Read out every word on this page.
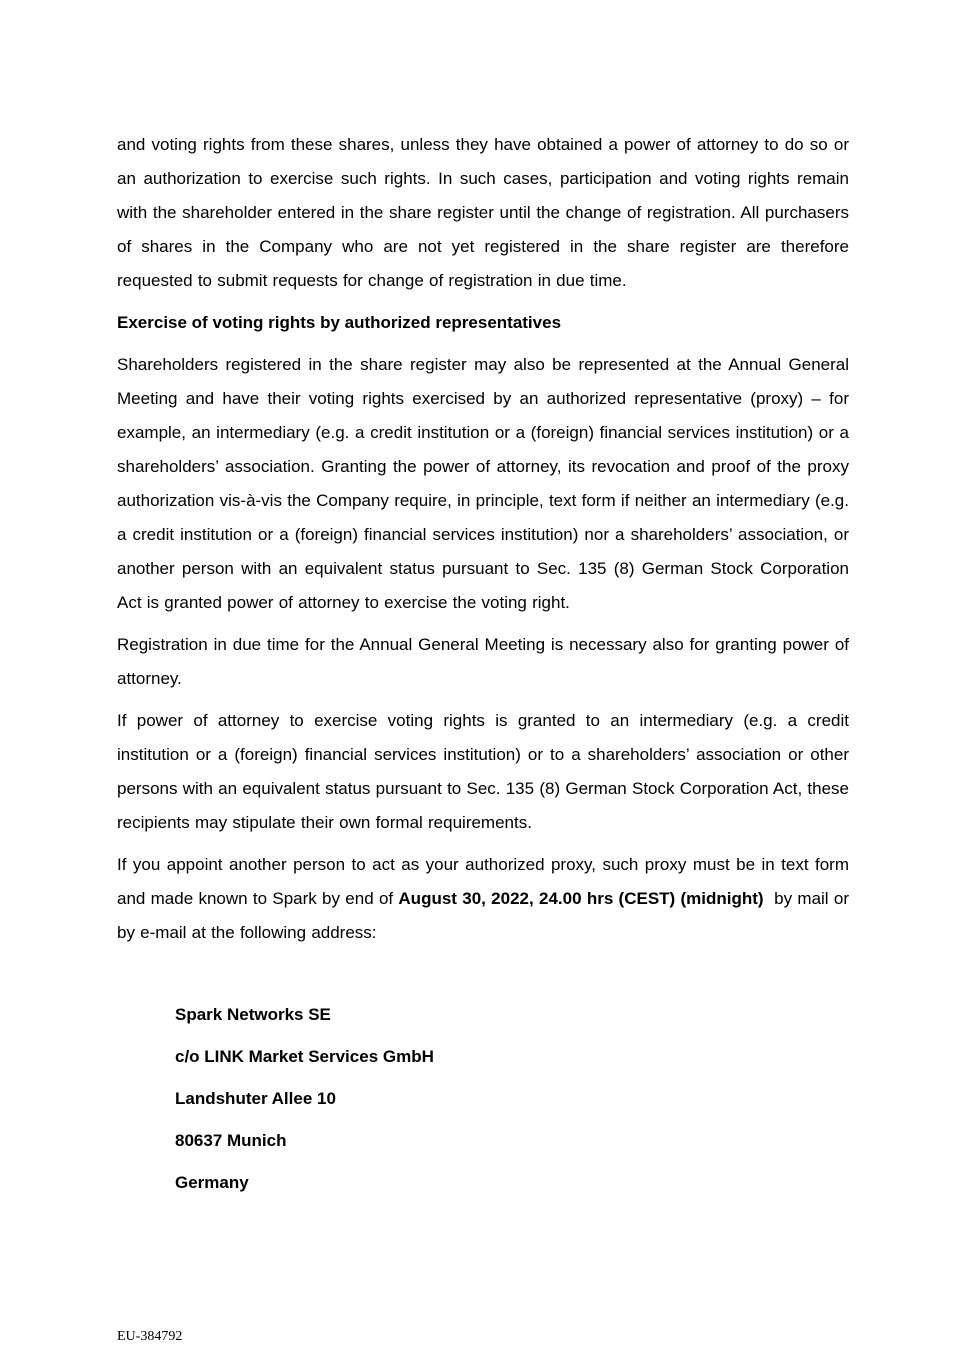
and voting rights from these shares, unless they have obtained a power of attorney to do so or an authorization to exercise such rights. In such cases, participation and voting rights remain with the shareholder entered in the share register until the change of registration. All purchasers of shares in the Company who are not yet registered in the share register are therefore requested to submit requests for change of registration in due time.

Exercise of voting rights by authorized representatives

Shareholders registered in the share register may also be represented at the Annual General Meeting and have their voting rights exercised by an authorized representative (proxy) – for example, an intermediary (e.g. a credit institution or a (foreign) financial services institution) or a shareholders’ association. Granting the power of attorney, its revocation and proof of the proxy authorization vis-à-vis the Company require, in principle, text form if neither an intermediary (e.g. a credit institution or a (foreign) financial services institution) nor a shareholders’ association, or another person with an equivalent status pursuant to Sec. 135 (8) German Stock Corporation Act is granted power of attorney to exercise the voting right.

Registration in due time for the Annual General Meeting is necessary also for granting power of attorney.

If power of attorney to exercise voting rights is granted to an intermediary (e.g. a credit institution or a (foreign) financial services institution) or to a shareholders’ association or other persons with an equivalent status pursuant to Sec. 135 (8) German Stock Corporation Act, these recipients may stipulate their own formal requirements.

If you appoint another person to act as your authorized proxy, such proxy must be in text form and made known to Spark by end of August 30, 2022, 24.00 hrs (CEST) (midnight)  by mail or by e-mail at the following address:

Spark Networks SE

c/o LINK Market Services GmbH

Landshuter Allee 10

80637 Munich

Germany

EU-384792
